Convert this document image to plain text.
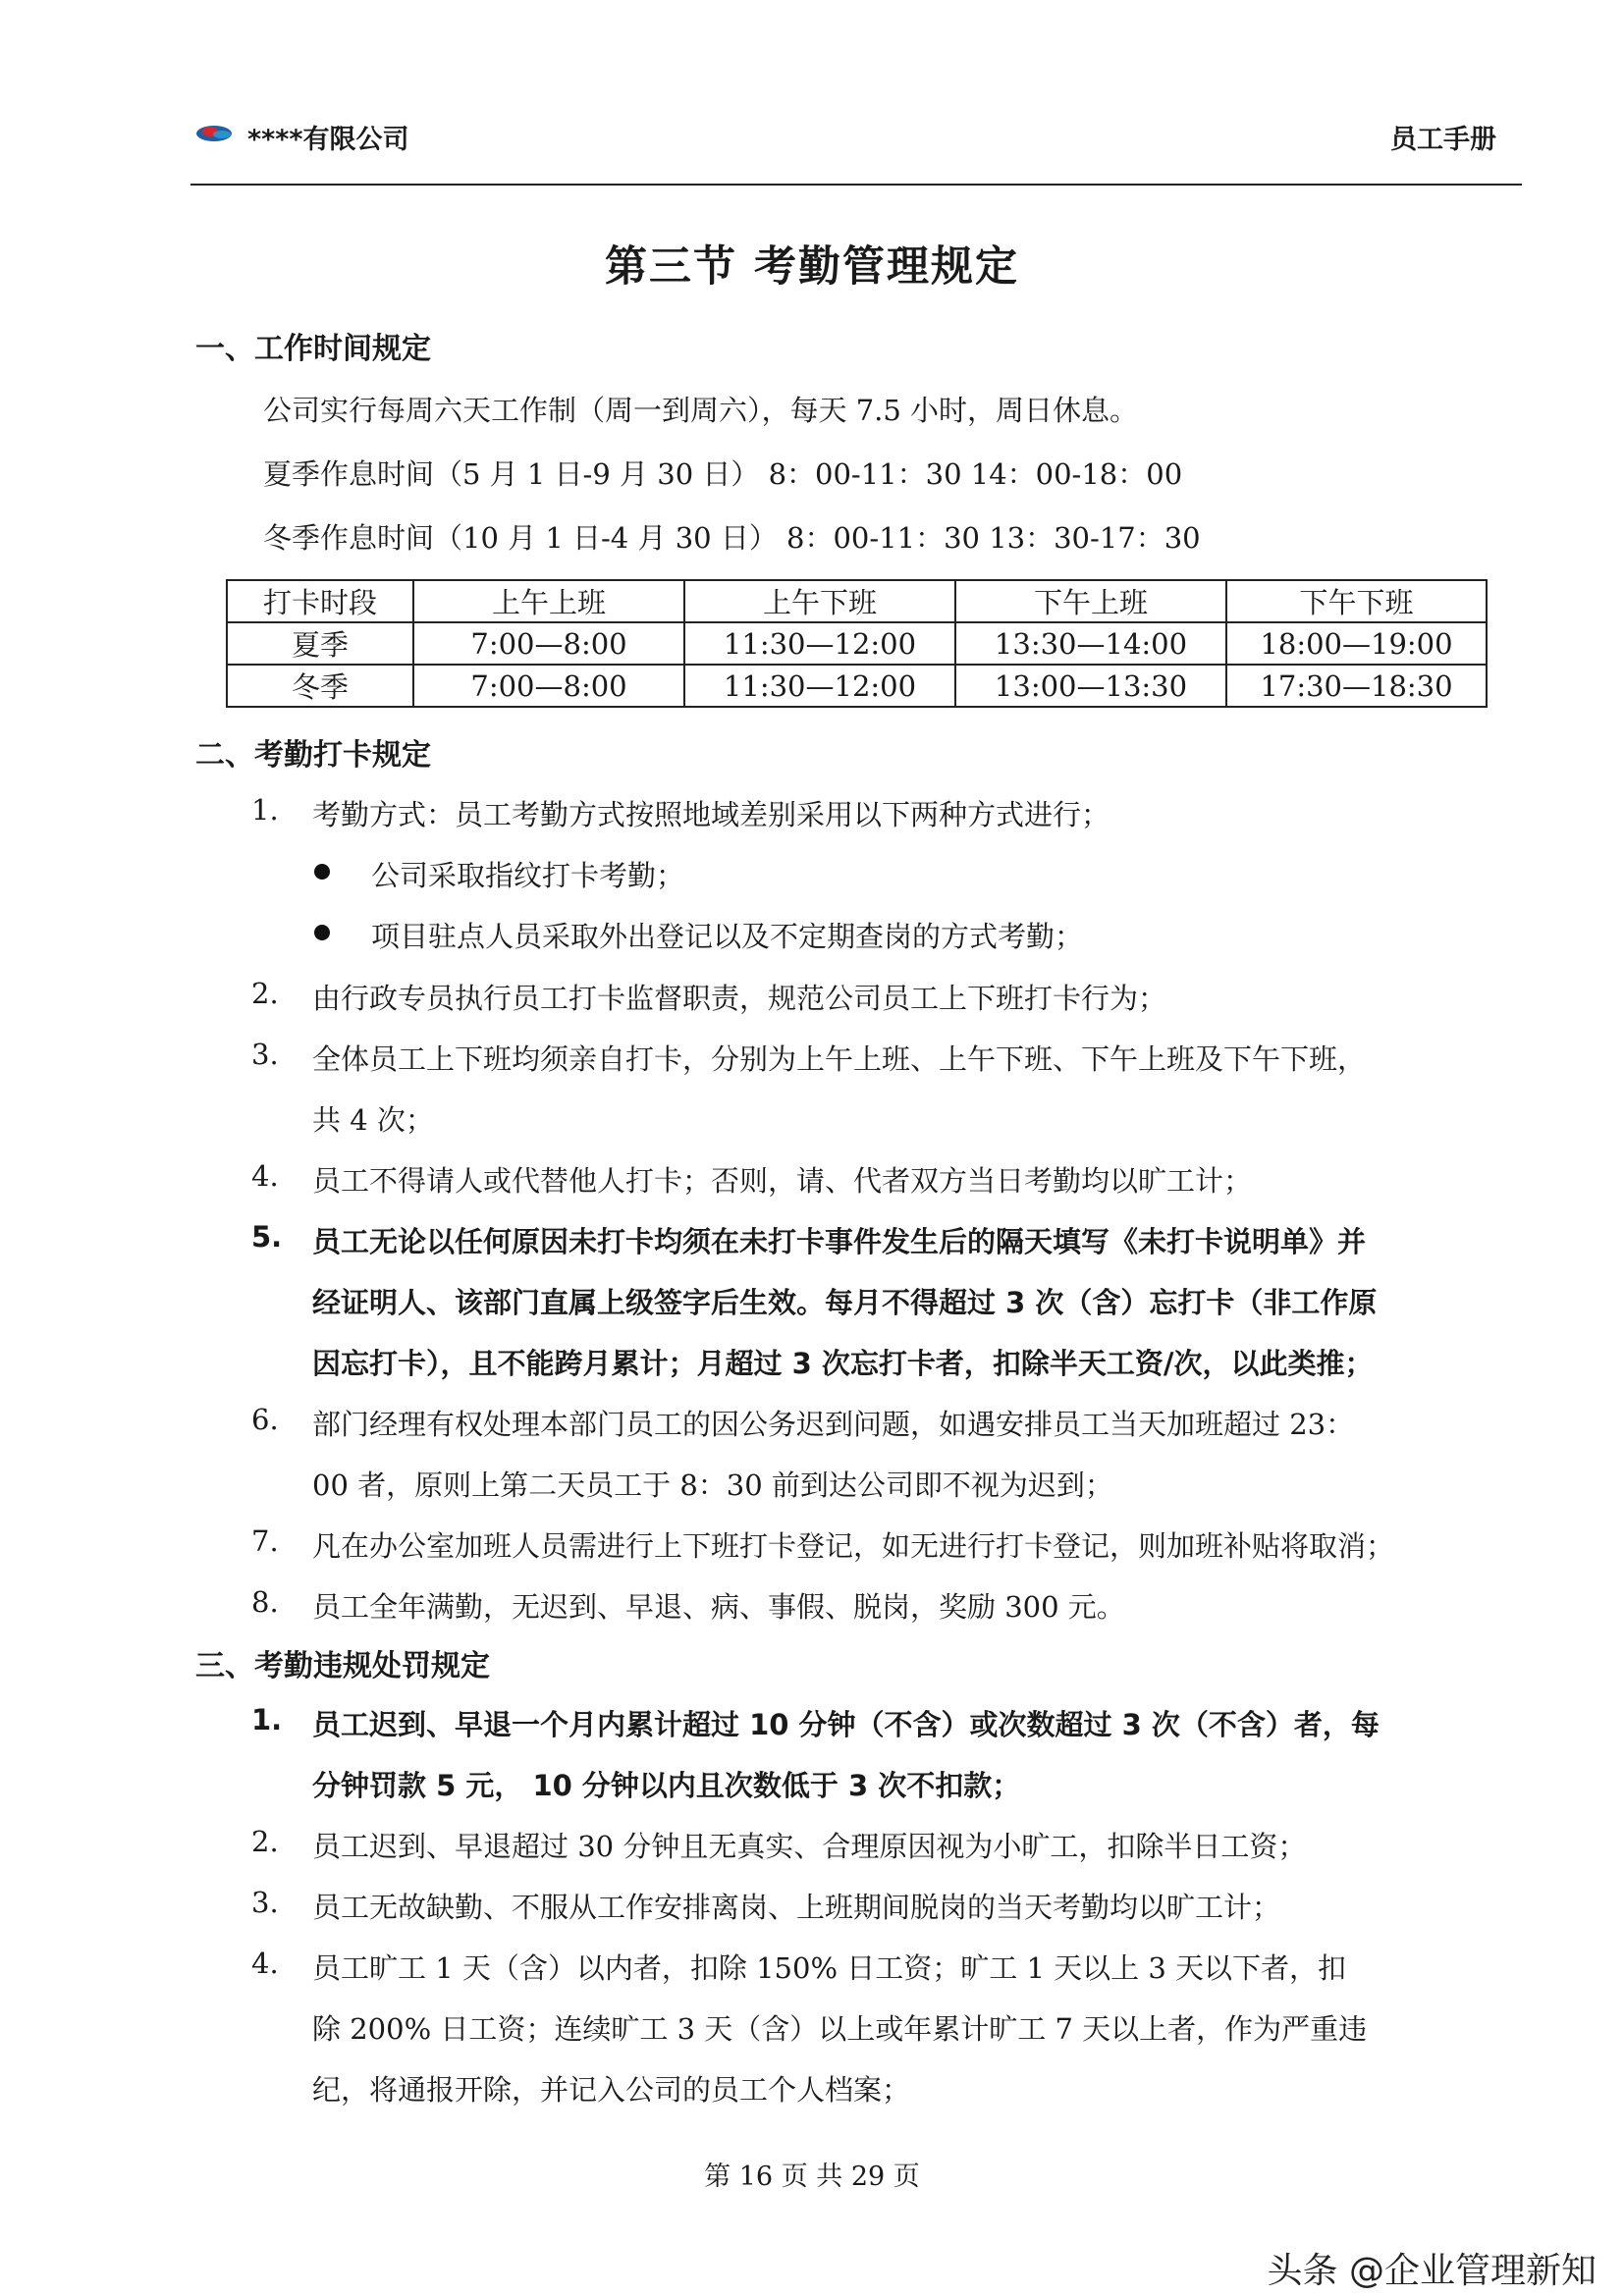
****有限公司	员工手册
第三节 考勤管理规定
一、工作时间规定
公司实行每周六天工作制（周一到周六），每天 7.5 小时，周日休息。
夏季作息时间（5 月 1 日-9 月 30 日） 8：00-11：30 14：00-18：00
冬季作息时间（10 月 1 日-4 月 30 日） 8：00-11：30 13：30-17：30
打卡时段	上午上班	上午下班	下午上班	下午下班
夏季	7:00—8:00	11:30—12:00	13:30—14:00	18:00—19:00
冬季	7:00—8:00	11:30—12:00	13:00—13:30	17:30—18:30
二、考勤打卡规定
1. 考勤方式：员工考勤方式按照地域差别采用以下两种方式进行；
公司采取指纹打卡考勤；
项目驻点人员采取外出登记以及不定期查岗的方式考勤；
2. 由行政专员执行员工打卡监督职责，规范公司员工上下班打卡行为；
3. 全体员工上下班均须亲自打卡，分别为上午上班、上午下班、下午上班及下午下班，
共 4 次；
4. 员工不得请人或代替他人打卡；否则，请、代者双方当日考勤均以旷工计；
5. 员工无论以任何原因未打卡均须在未打卡事件发生后的隔天填写《未打卡说明单》并
经证明人、该部门直属上级签字后生效。每月不得超过 3 次（含）忘打卡（非工作原
因忘打卡），且不能跨月累计；月超过 3 次忘打卡者，扣除半天工资/次，以此类推；
6. 部门经理有权处理本部门员工的因公务迟到问题，如遇安排员工当天加班超过 23：
00 者，原则上第二天员工于 8：30 前到达公司即不视为迟到；
7. 凡在办公室加班人员需进行上下班打卡登记，如无进行打卡登记，则加班补贴将取消；
8. 员工全年满勤，无迟到、早退、病、事假、脱岗，奖励 300 元。
三、考勤违规处罚规定
1. 员工迟到、早退一个月内累计超过 10 分钟（不含）或次数超过 3 次（不含）者，每
分钟罚款 5 元， 10 分钟以内且次数低于 3 次不扣款；
2. 员工迟到、早退超过 30 分钟且无真实、合理原因视为小旷工，扣除半日工资；
3. 员工无故缺勤、不服从工作安排离岗、上班期间脱岗的当天考勤均以旷工计；
4. 员工旷工 1 天（含）以内者，扣除 150% 日工资；旷工 1 天以上 3 天以下者，扣
除 200% 日工资；连续旷工 3 天（含）以上或年累计旷工 7 天以上者，作为严重违
纪，将通报开除，并记入公司的员工个人档案；
第 16 页 共 29 页
头条 @企业管理新知
